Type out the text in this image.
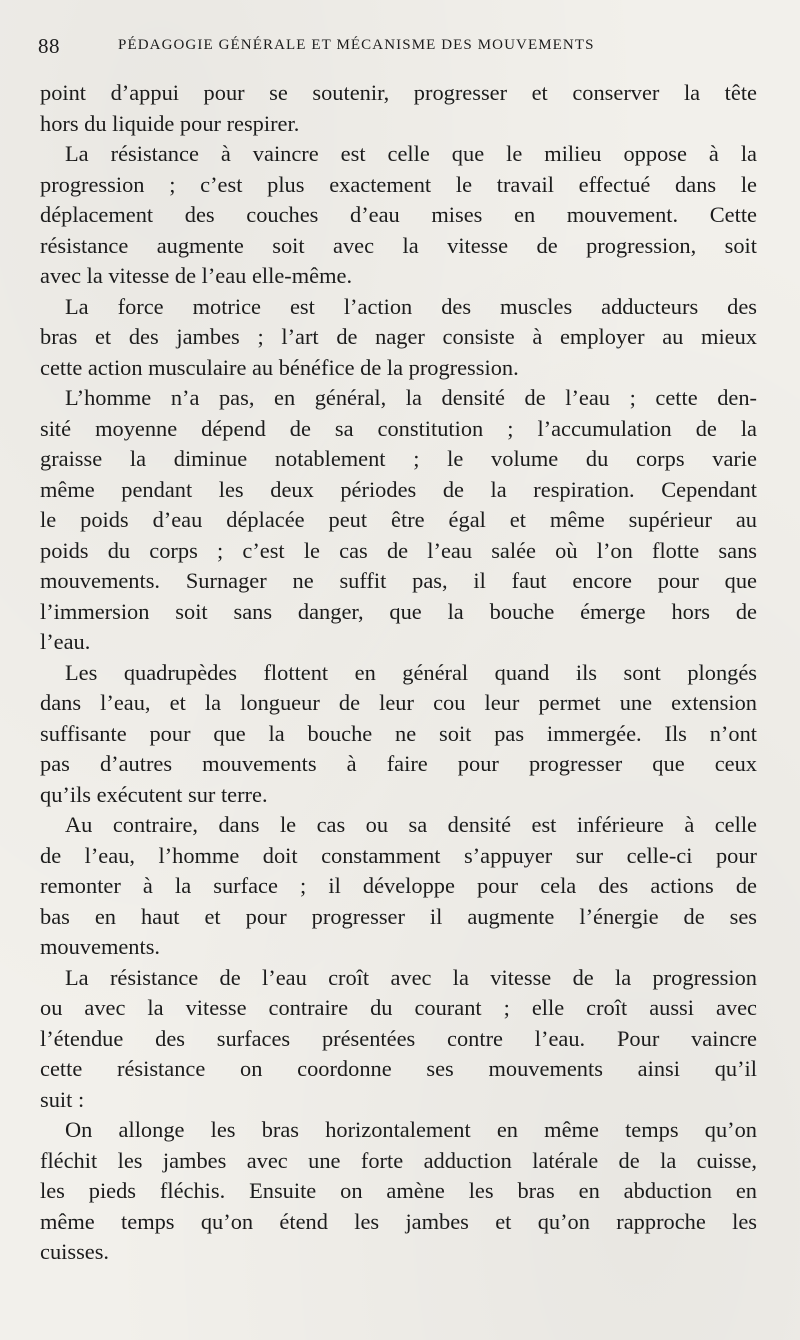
88	PÉDAGOGIE GÉNÉRALE ET MÉCANISME DES MOUVEMENTS
point d’appui pour se soutenir, progresser et conserver la tête
hors du liquide pour respirer.
La résistance à vaincre est celle que le milieu oppose à la
progression ; c’est plus exactement le travail effectué dans le
déplacement des couches d’eau mises en mouvement. Cette
résistance augmente soit avec la vitesse de progression, soit
avec la vitesse de l’eau elle-même.
La force motrice est l’action des muscles adducteurs des
bras et des jambes ; l’art de nager consiste à employer au mieux
cette action musculaire au bénéfice de la progression.
L’homme n’a pas, en général, la densité de l’eau ; cette den-
sité moyenne dépend de sa constitution ; l’accumulation de la
graisse la diminue notablement ; le volume du corps varie
même pendant les deux périodes de la respiration. Cependant
le poids d’eau déplacée peut être égal et même supérieur au
poids du corps ; c’est le cas de l’eau salée où l’on flotte sans
mouvements. Surnager ne suffit pas, il faut encore pour que
l’immersion soit sans danger, que la bouche émerge hors de
l’eau.
Les quadrupèdes flottent en général quand ils sont plongés
dans l’eau, et la longueur de leur cou leur permet une extension
suffisante pour que la bouche ne soit pas immergée. Ils n’ont
pas d’autres mouvements à faire pour progresser que ceux
qu’ils exécutent sur terre.
Au contraire, dans le cas ou sa densité est inférieure à celle
de l’eau, l’homme doit constamment s’appuyer sur celle-ci pour
remonter à la surface ; il développe pour cela des actions de
bas en haut et pour progresser il augmente l’énergie de ses
mouvements.
La résistance de l’eau croît avec la vitesse de la progression
ou avec la vitesse contraire du courant ; elle croît aussi avec
l’étendue des surfaces présentées contre l’eau. Pour vaincre
cette résistance on coordonne ses mouvements ainsi qu’il
suit :
On allonge les bras horizontalement en même temps qu’on
fléchit les jambes avec une forte adduction latérale de la cuisse,
les pieds fléchis. Ensuite on amène les bras en abduction en
même temps qu’on étend les jambes et qu’on rapproche les
cuisses.
